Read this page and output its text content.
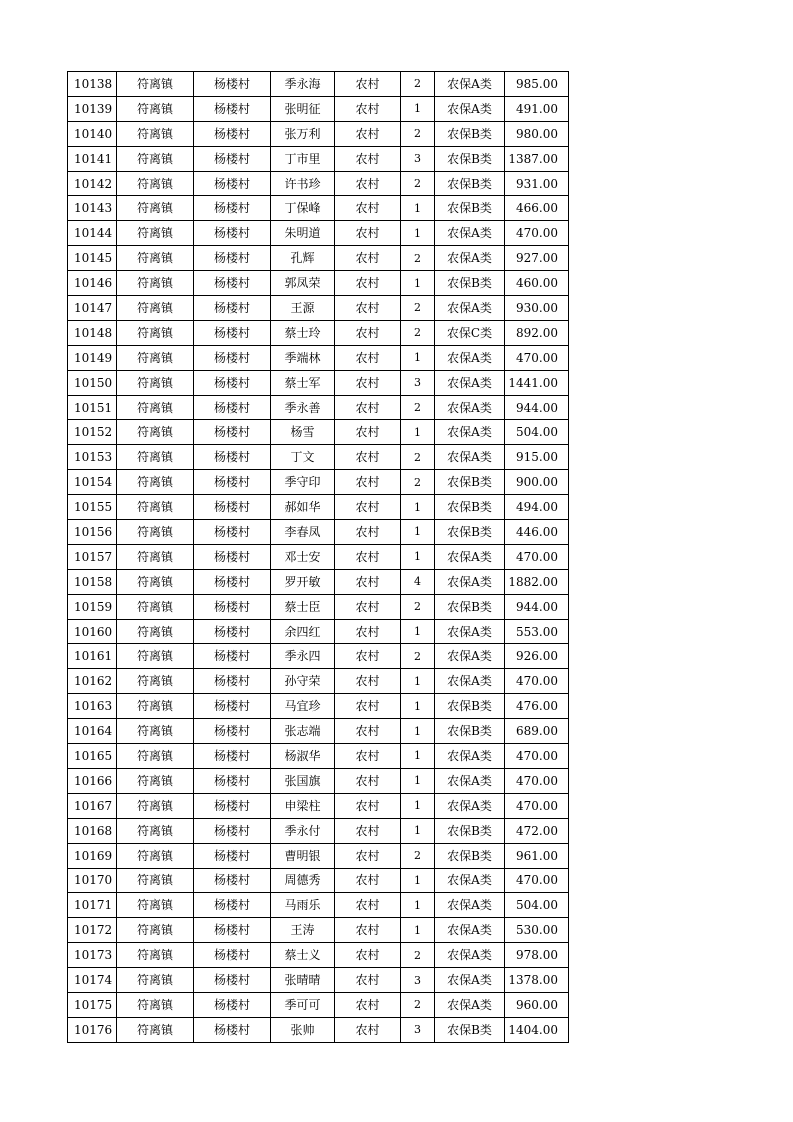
10138	符离镇	杨楼村	季永海	农村	2	农保A类	985.00
10139	符离镇	杨楼村	张明征	农村	1	农保A类	491.00
10140	符离镇	杨楼村	张万利	农村	2	农保B类	980.00
10141	符离镇	杨楼村	丁市里	农村	3	农保B类	1387.00
10142	符离镇	杨楼村	许书珍	农村	2	农保B类	931.00
10143	符离镇	杨楼村	丁保峰	农村	1	农保B类	466.00
10144	符离镇	杨楼村	朱明道	农村	1	农保A类	470.00
10145	符离镇	杨楼村	孔辉	农村	2	农保A类	927.00
10146	符离镇	杨楼村	郭凤荣	农村	1	农保B类	460.00
10147	符离镇	杨楼村	王源	农村	2	农保A类	930.00
10148	符离镇	杨楼村	蔡士玲	农村	2	农保C类	892.00
10149	符离镇	杨楼村	季端林	农村	1	农保A类	470.00
10150	符离镇	杨楼村	蔡士军	农村	3	农保A类	1441.00
10151	符离镇	杨楼村	季永善	农村	2	农保A类	944.00
10152	符离镇	杨楼村	杨雪	农村	1	农保A类	504.00
10153	符离镇	杨楼村	丁文	农村	2	农保A类	915.00
10154	符离镇	杨楼村	季守印	农村	2	农保B类	900.00
10155	符离镇	杨楼村	郝如华	农村	1	农保B类	494.00
10156	符离镇	杨楼村	李春凤	农村	1	农保B类	446.00
10157	符离镇	杨楼村	邓士安	农村	1	农保A类	470.00
10158	符离镇	杨楼村	罗开敏	农村	4	农保A类	1882.00
10159	符离镇	杨楼村	蔡士臣	农村	2	农保B类	944.00
10160	符离镇	杨楼村	余四红	农村	1	农保A类	553.00
10161	符离镇	杨楼村	季永四	农村	2	农保A类	926.00
10162	符离镇	杨楼村	孙守荣	农村	1	农保A类	470.00
10163	符离镇	杨楼村	马宜珍	农村	1	农保B类	476.00
10164	符离镇	杨楼村	张志端	农村	1	农保B类	689.00
10165	符离镇	杨楼村	杨淑华	农村	1	农保A类	470.00
10166	符离镇	杨楼村	张国旗	农村	1	农保A类	470.00
10167	符离镇	杨楼村	申梁柱	农村	1	农保A类	470.00
10168	符离镇	杨楼村	季永付	农村	1	农保B类	472.00
10169	符离镇	杨楼村	曹明银	农村	2	农保B类	961.00
10170	符离镇	杨楼村	周德秀	农村	1	农保A类	470.00
10171	符离镇	杨楼村	马雨乐	农村	1	农保A类	504.00
10172	符离镇	杨楼村	王涛	农村	1	农保A类	530.00
10173	符离镇	杨楼村	蔡士义	农村	2	农保A类	978.00
10174	符离镇	杨楼村	张晴晴	农村	3	农保A类	1378.00
10175	符离镇	杨楼村	季可可	农村	2	农保A类	960.00
10176	符离镇	杨楼村	张帅	农村	3	农保B类	1404.00
